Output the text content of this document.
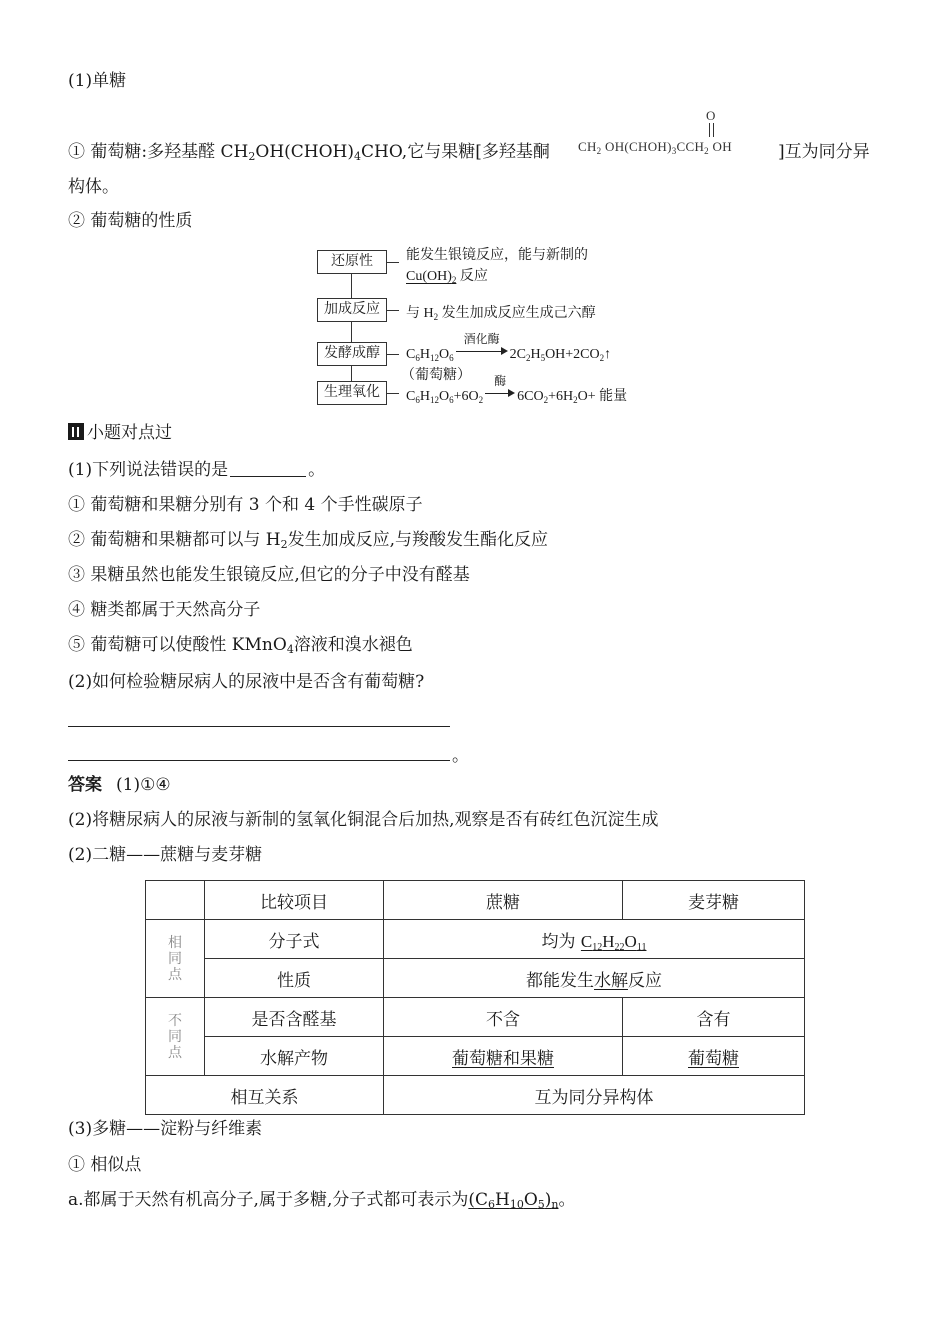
(1)单糖
① 葡萄糖:多羟基醛 $CH_2OH(CHOH)_4CHO$,它与果糖[多羟基酮
O
$CH_2$ $OH(CHOH)_3CCH_2$ OH	]互为同分异
构体。
② 葡萄糖的性质
还原性
加成反应
发酵成醇
生理氧化
能发生银镜反应，能与新制的
$Cu(OH)_2$ 反应
与 $H_2$ 发生加成反应生成己六醇
$C_6H_{12}O_6$
酒化酶
$2C_2H_5OH+2CO_2↑$
（葡萄糖）
$C_6H_{12}O_6+6O_2$
酶
$6CO_2+6H_2O+$ 能量
小题对点过
(1)下列说法错误的是	。
① 葡萄糖和果糖分别有 3 个和 4 个手性碳原子
② 葡萄糖和果糖都可以与 $H_2$发生加成反应,与羧酸发生酯化反应
③ 果糖虽然也能发生银镜反应,但它的分子中没有醛基
④ 糖类都属于天然高分子
⑤ 葡萄糖可以使酸性 KMnO$_4$溶液和溴水褪色
(2)如何检验糖尿病人的尿液中是否含有葡萄糖?
。
答案 (1)①④
(2)将糖尿病人的尿液与新制的氢氧化铜混合后加热,观察是否有砖红色沉淀生成
(2)二糖——蔗糖与麦芽糖
	比较项目	蔗糖	麦芽糖

相
同
点	分子式	均为 $C_{12}H_{22}O_{11}$
	性质	都能发生水解反应	

不
同
点	是否含醛基	不含	含有
	水解产物	葡萄糖和果糖	葡萄糖
相互关系		互为同分异构体	
(3)多糖——淀粉与纤维素
① 相似点
a.都属于天然有机高分子,属于多糖,分子式都可表示为$(C_6H_{10}O_5)_n$。
